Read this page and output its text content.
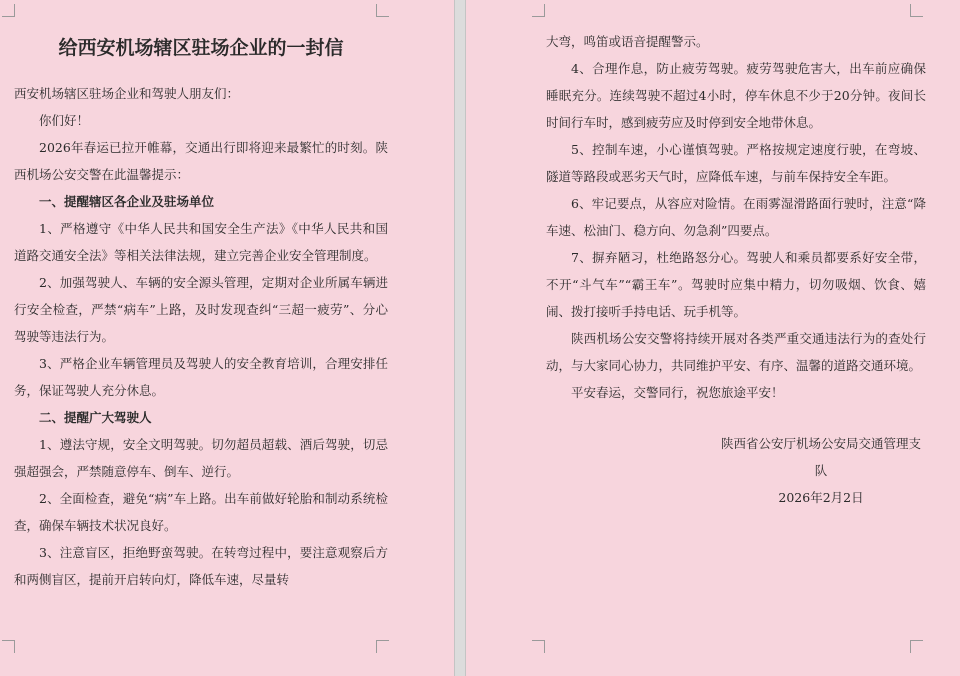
给西安机场辖区驻场企业的一封信

西安机场辖区驻场企业和驾驶人朋友们：

你们好！

2026年春运已拉开帷幕，交通出行即将迎来最繁忙的时刻。陕西机场公安交警在此温馨提示：

一、提醒辖区各企业及驻场单位

1、严格遵守《中华人民共和国安全生产法》《中华人民共和国道路交通安全法》等相关法律法规，建立完善企业安全管理制度。

2、加强驾驶人、车辆的安全源头管理，定期对企业所属车辆进行安全检查，严禁“病车”上路，及时发现查纠“三超一疲劳”、分心驾驶等违法行为。

3、严格企业车辆管理员及驾驶人的安全教育培训，合理安排任务，保证驾驶人充分休息。

二、提醒广大驾驶人

1、遵法守规，安全文明驾驶。切勿超员超载、酒后驾驶，切忌强超强会，严禁随意停车、倒车、逆行。

2、全面检查，避免“病”车上路。出车前做好轮胎和制动系统检查，确保车辆技术状况良好。

3、注意盲区，拒绝野蛮驾驶。在转弯过程中，要注意观察后方和两侧盲区，提前开启转向灯，降低车速，尽量转

大弯，鸣笛或语音提醒警示。

4、合理作息，防止疲劳驾驶。疲劳驾驶危害大，出车前应确保睡眠充分。连续驾驶不超过4小时，停车休息不少于20分钟。夜间长时间行车时，感到疲劳应及时停到安全地带休息。

5、控制车速，小心谨慎驾驶。严格按规定速度行驶，在弯坡、隧道等路段或恶劣天气时，应降低车速，与前车保持安全车距。

6、牢记要点，从容应对险情。在雨雾湿滑路面行驶时，注意“降车速、松油门、稳方向、勿急刹”四要点。

7、摒弃陋习，杜绝路怒分心。驾驶人和乘员都要系好安全带，不开“斗气车”“霸王车”。驾驶时应集中精力，切勿吸烟、饮食、嬉闹、拨打接听手持电话、玩手机等。

陕西机场公安交警将持续开展对各类严重交通违法行为的查处行动，与大家同心协力，共同维护平安、有序、温馨的道路交通环境。

平安春运，交警同行，祝您旅途平安！

陕西省公安厅机场公安局交通管理支队

2026年2月2日
